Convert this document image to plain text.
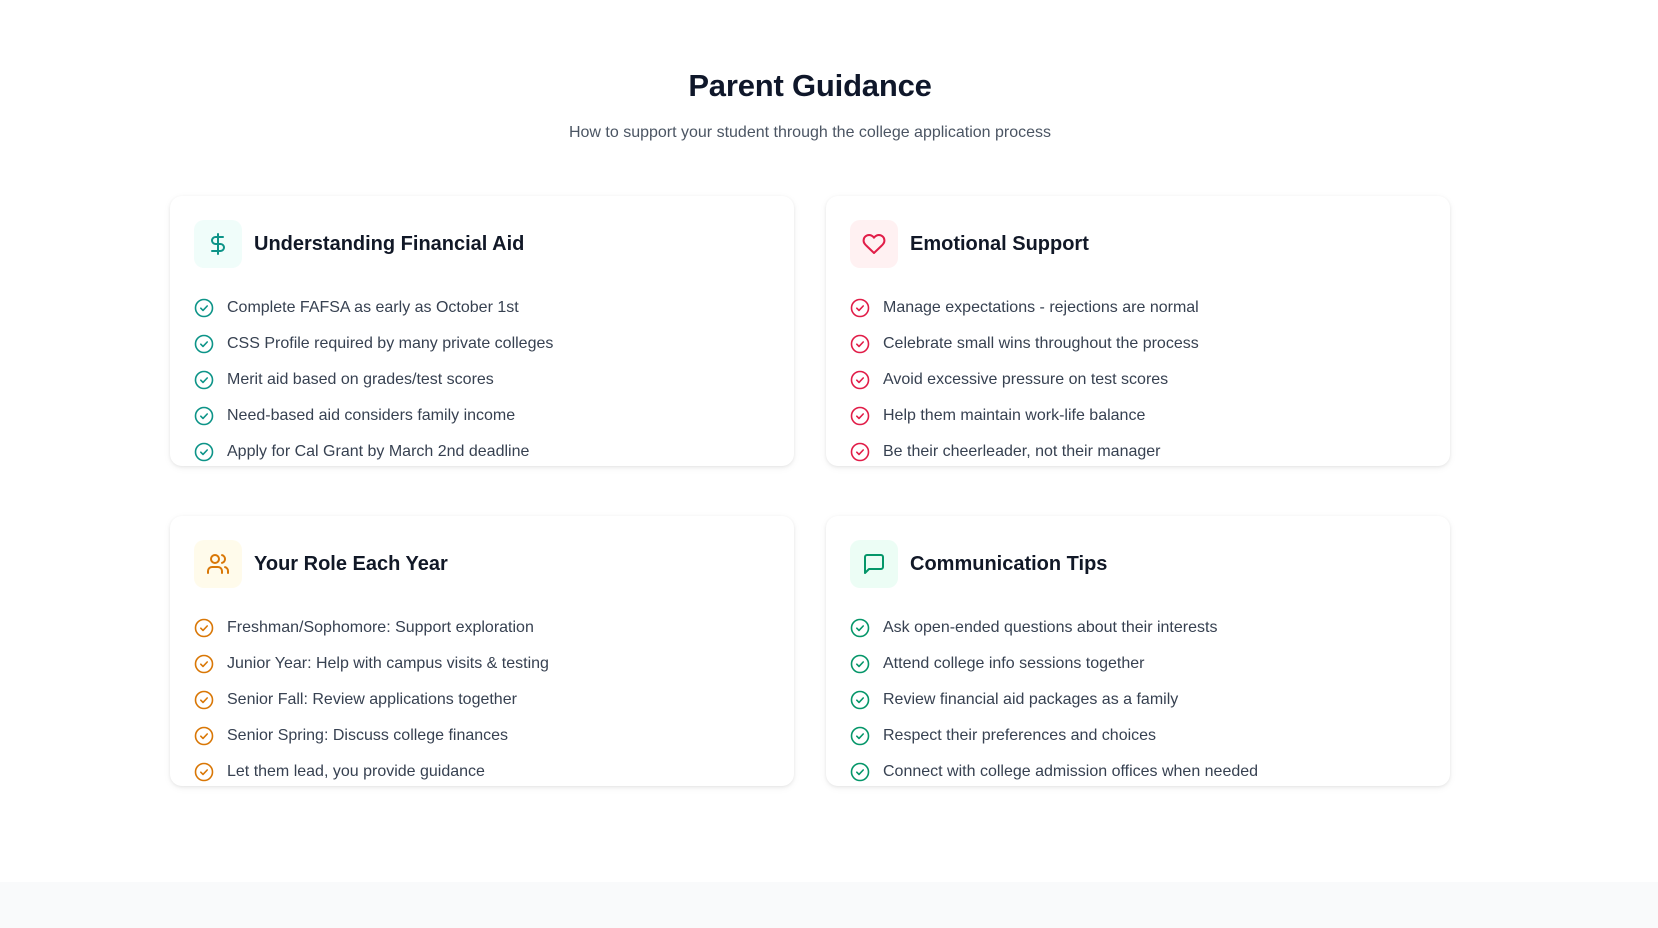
Parent Guidance

How to support your student through the college application process

Understanding Financial Aid
Complete FAFSA as early as October 1st
CSS Profile required by many private colleges
Merit aid based on grades/test scores
Need-based aid considers family income
Apply for Cal Grant by March 2nd deadline
Emotional Support
Manage expectations - rejections are normal
Celebrate small wins throughout the process
Avoid excessive pressure on test scores
Help them maintain work-life balance
Be their cheerleader, not their manager
Your Role Each Year
Freshman/Sophomore: Support exploration
Junior Year: Help with campus visits & testing
Senior Fall: Review applications together
Senior Spring: Discuss college finances
Let them lead, you provide guidance
Communication Tips
Ask open-ended questions about their interests
Attend college info sessions together
Review financial aid packages as a family
Respect their preferences and choices
Connect with college admission offices when needed
